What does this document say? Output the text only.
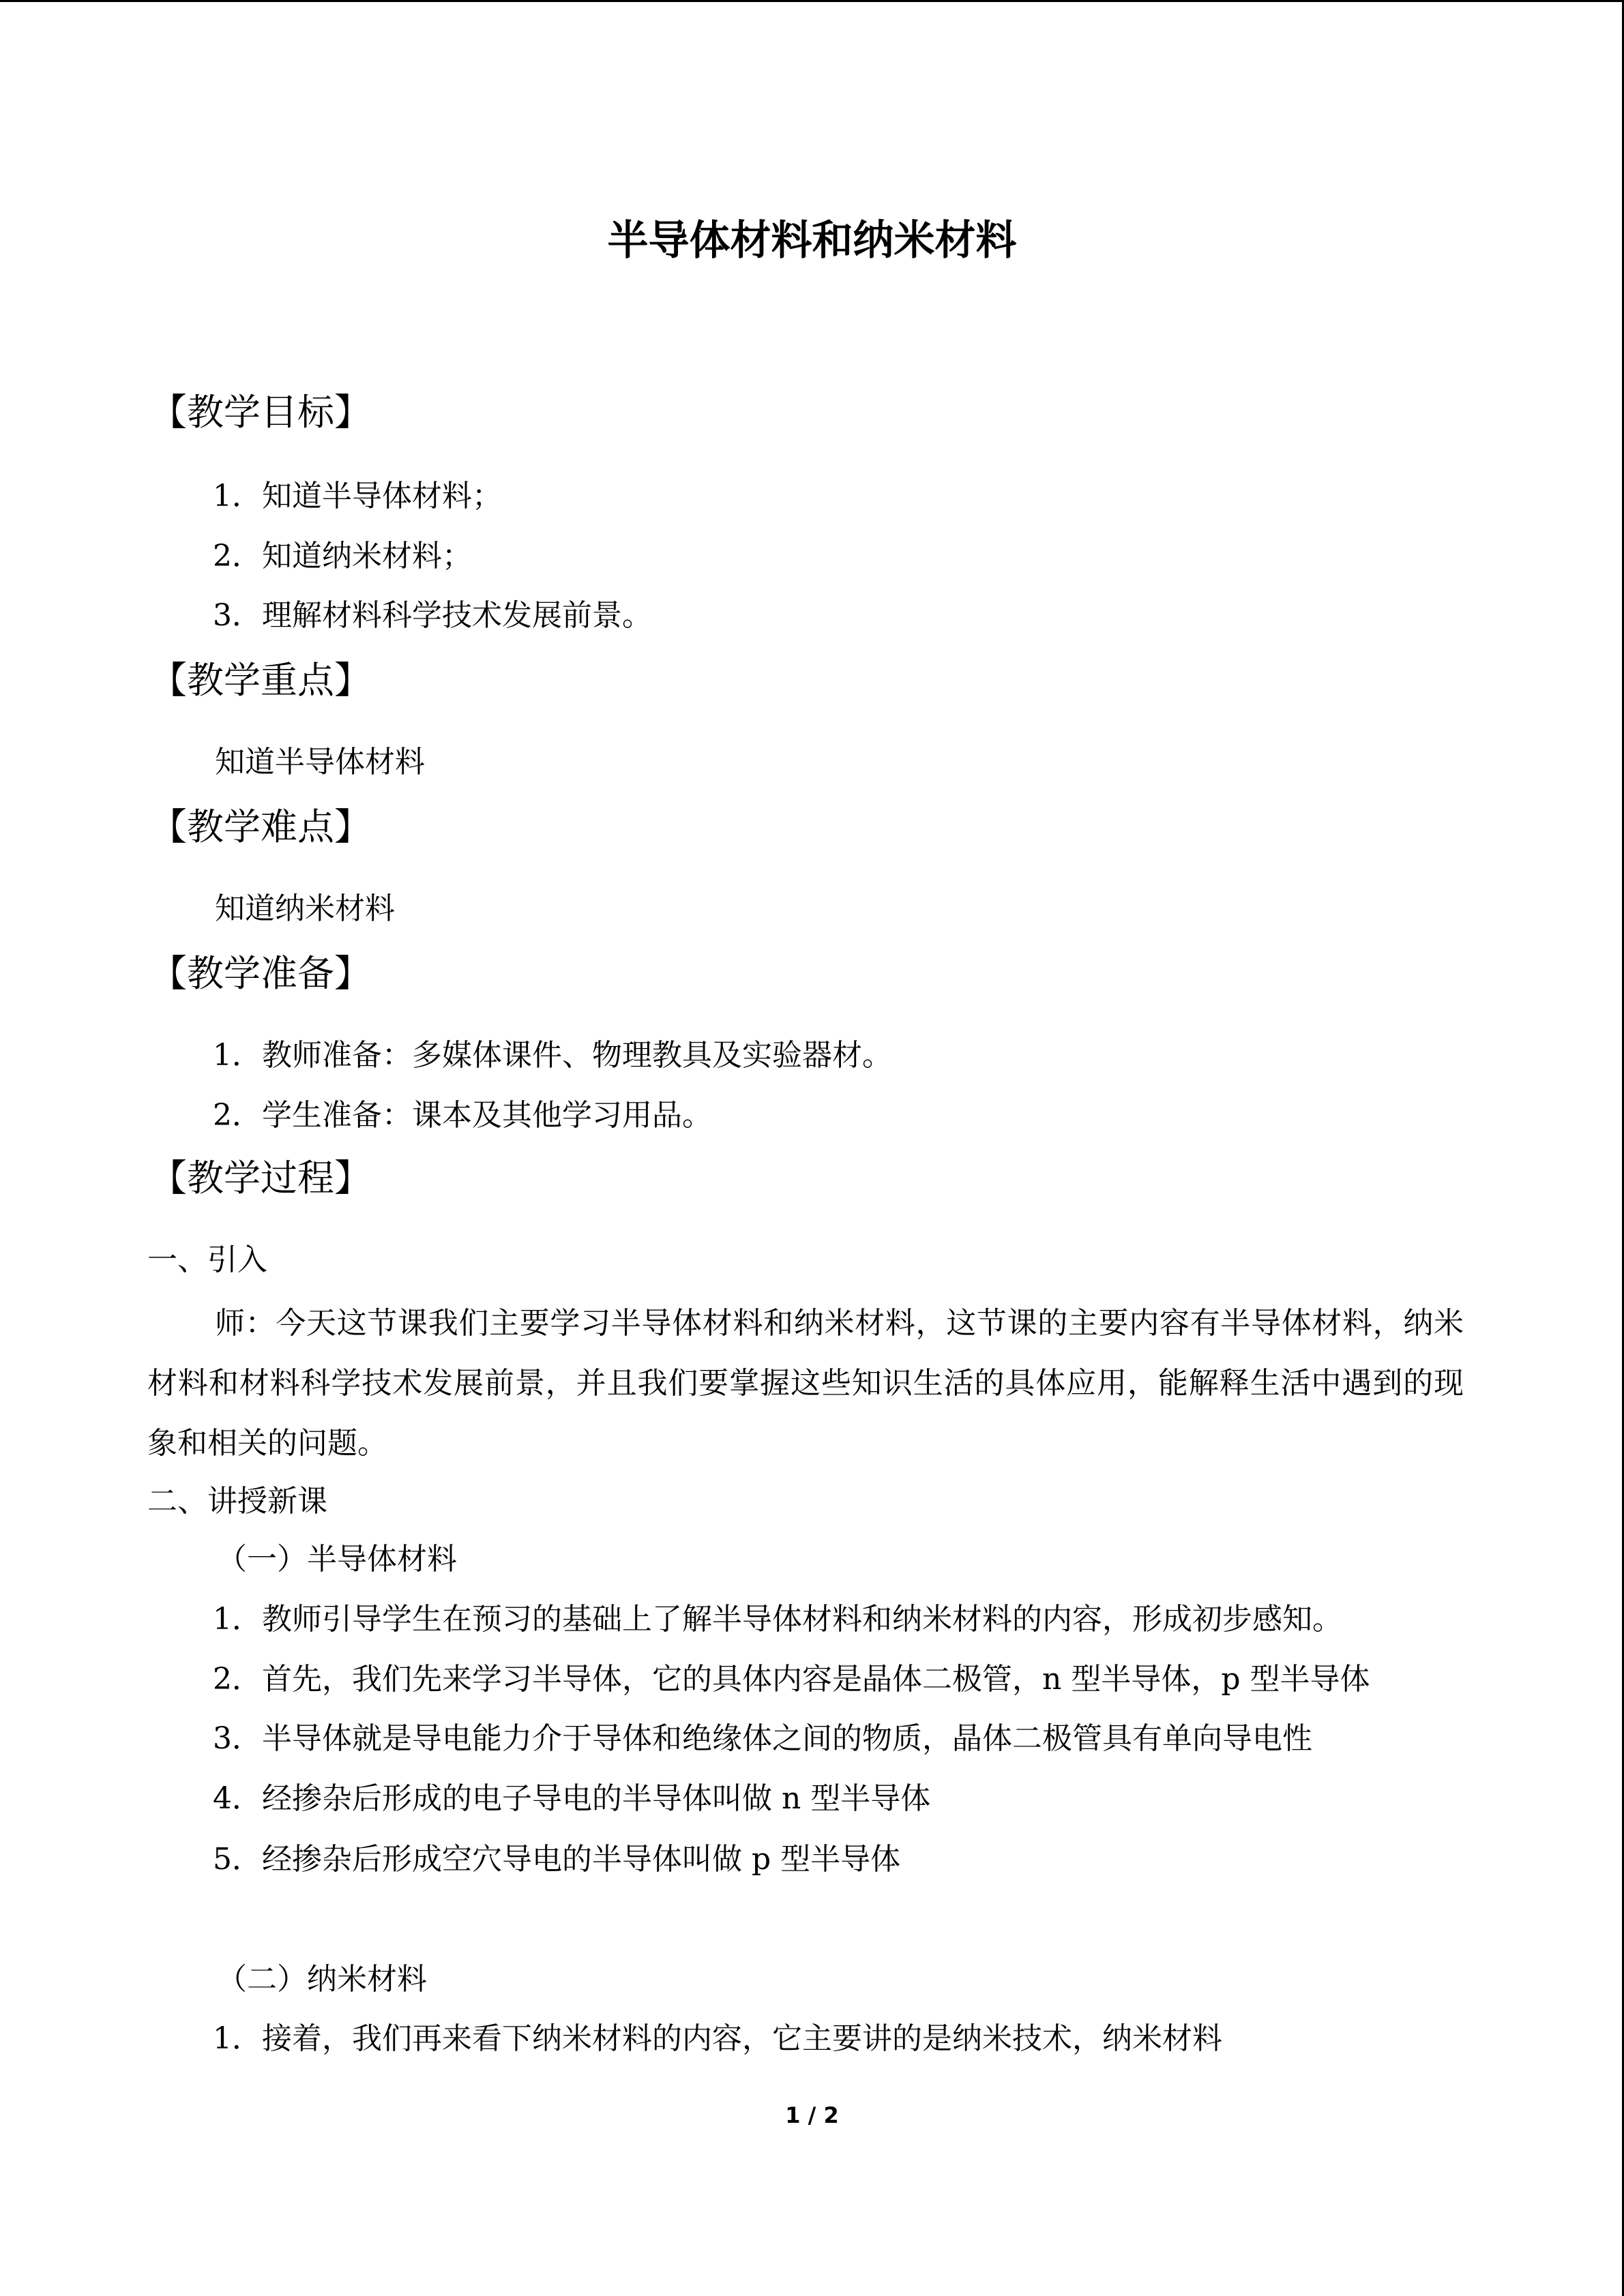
半导体材料和纳米材料
【教学目标】
1．知道半导体材料；
2．知道纳米材料；
3．理解材料科学技术发展前景。
【教学重点】
知道半导体材料
【教学难点】
知道纳米材料
【教学准备】
1．教师准备：多媒体课件、物理教具及实验器材。
2．学生准备：课本及其他学习用品。
【教学过程】
一、引入
师：今天这节课我们主要学习半导体材料和纳米材料，这节课的主要内容有半导体材料，纳米材料和材料科学技术发展前景，并且我们要掌握这些知识生活的具体应用，能解释生活中遇到的现象和相关的问题。
二、讲授新课
（一）半导体材料
1．教师引导学生在预习的基础上了解半导体材料和纳米材料的内容，形成初步感知。
2．首先，我们先来学习半导体，它的具体内容是晶体二极管，n 型半导体，p 型半导体
3．半导体就是导电能力介于导体和绝缘体之间的物质，晶体二极管具有单向导电性
4．经掺杂后形成的电子导电的半导体叫做 n 型半导体
5．经掺杂后形成空穴导电的半导体叫做 p 型半导体
（二）纳米材料
1．接着，我们再来看下纳米材料的内容，它主要讲的是纳米技术，纳米材料
1 / 2
